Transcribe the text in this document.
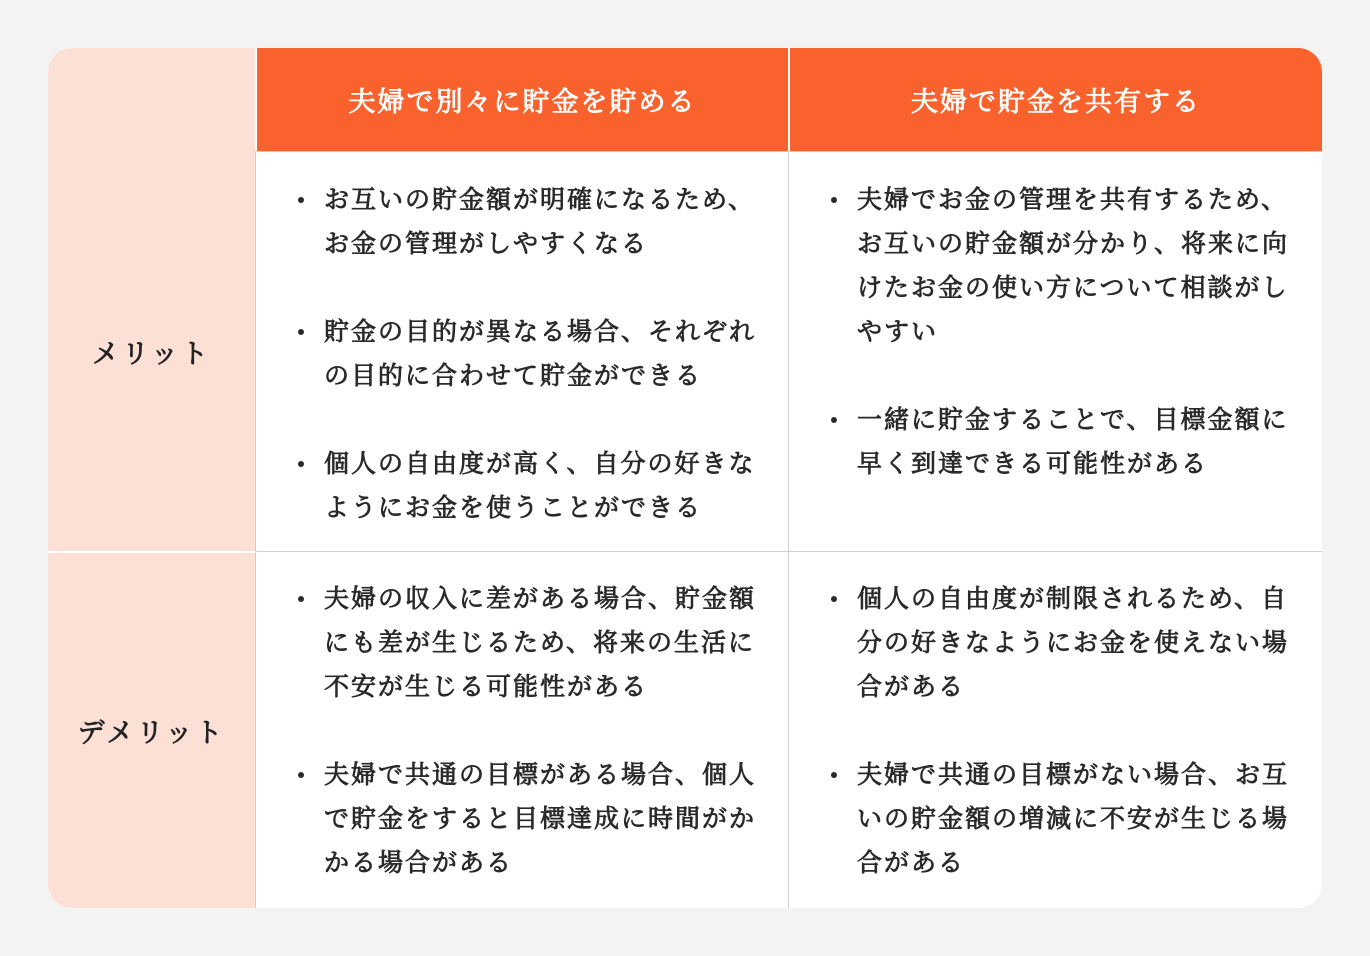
夫婦で別々に貯金を貯める	夫婦で貯金を共有する
メリット
お互いの貯金額が明確になるため、お金の管理がしやすくなる
貯金の目的が異なる場合、それぞれの目的に合わせて貯金ができる
個人の自由度が高く、自分の好きなようにお金を使うことができる
夫婦でお金の管理を共有するため、お互いの貯金額が分かり、将来に向けたお金の使い方について相談がしやすい
一緒に貯金することで、目標金額に早く到達できる可能性がある
デメリット
夫婦の収入に差がある場合、貯金額にも差が生じるため、将来の生活に不安が生じる可能性がある
夫婦で共通の目標がある場合、個人で貯金をすると目標達成に時間がかかる場合がある
個人の自由度が制限されるため、自分の好きなようにお金を使えない場合がある
夫婦で共通の目標がない場合、お互いの貯金額の増減に不安が生じる場合がある
